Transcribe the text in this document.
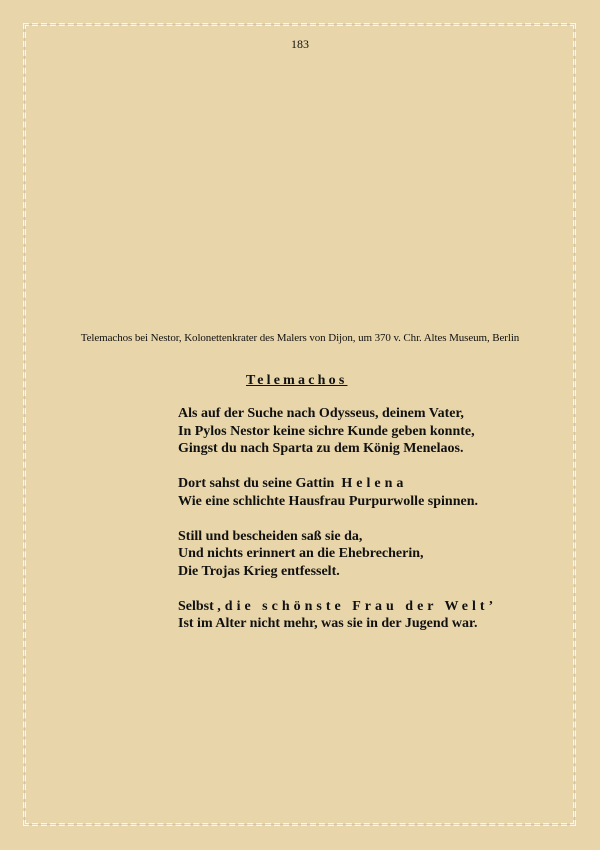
183
Telemachos bei Nestor, Kolonettenkrater des Malers von Dijon, um 370 v. Chr. Altes Museum, Berlin
Telemachos
Als auf der Suche nach Odysseus, deinem Vater,
In Pylos Nestor keine sichre Kunde geben konnte,
Gingst du nach Sparta zu dem König Menelaos.
Dort sahst du seine Gattin  Helena
Wie eine schlichte Hausfrau Purpurwolle spinnen.
Still und bescheiden saß sie da,
Und nichts erinnert an die Ehebrecherin,
Die Trojas Krieg entfesselt.
Selbst ,die schönste Frau der Welt’
Ist im Alter nicht mehr, was sie in der Jugend war.
